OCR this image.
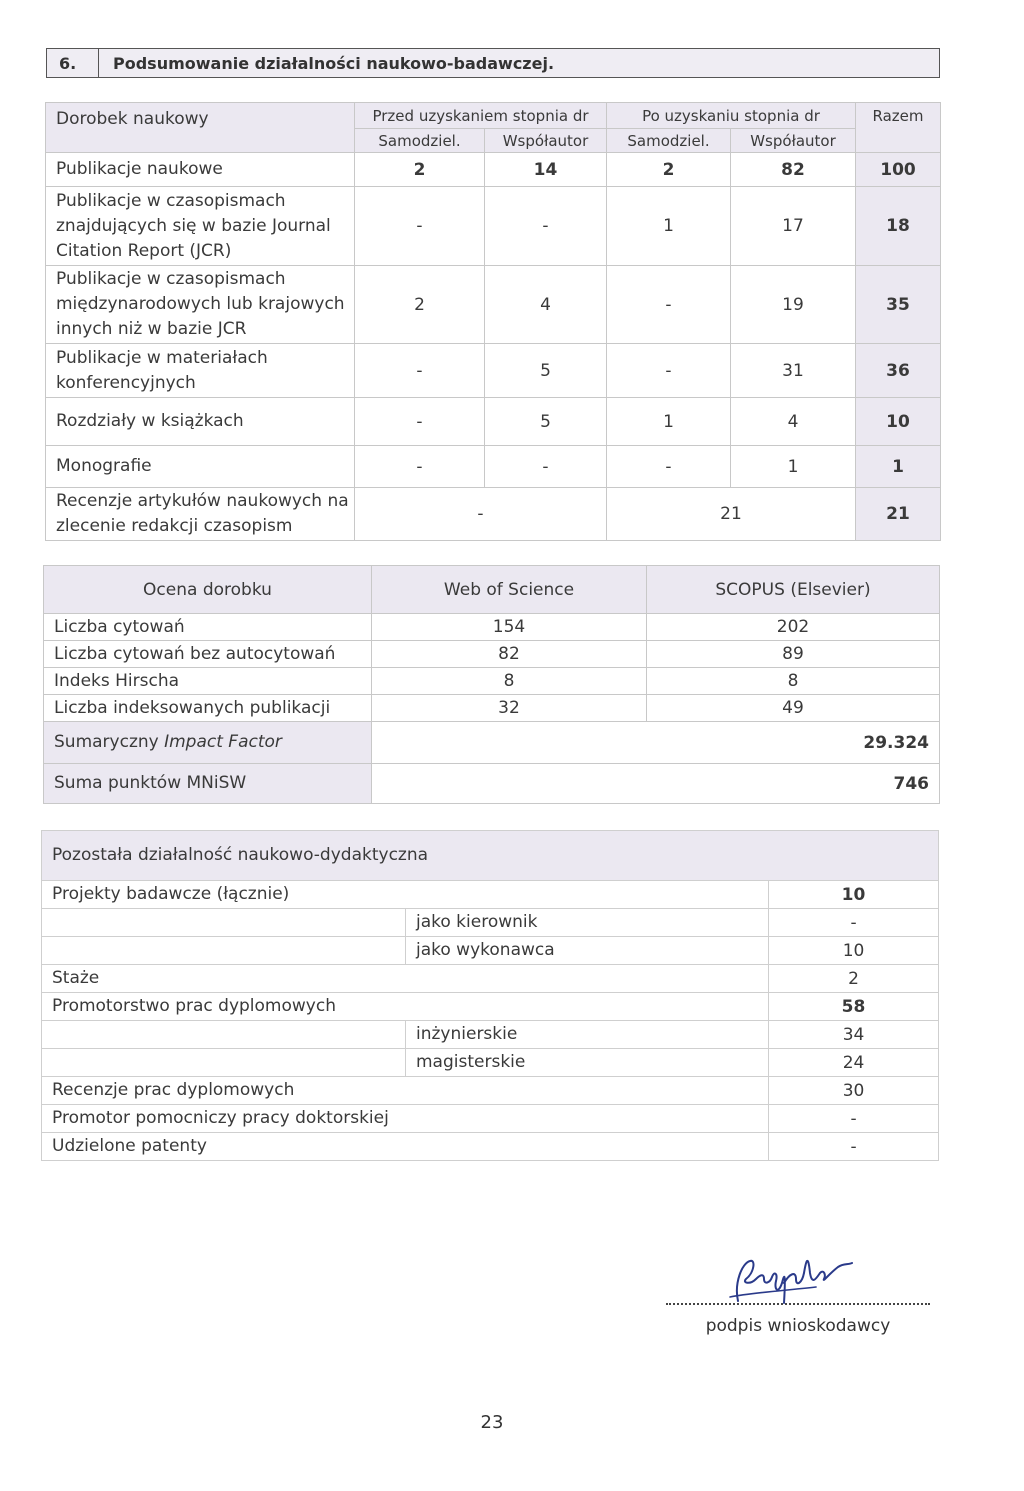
6.	Podsumowanie działalności naukowo-badawczej.
Dorobek naukowy	Przed uzyskaniem stopnia dr		Po uzyskaniu stopnia dr		Razem
	Samodziel.	Współautor	Samodziel.	Współautor	
Publikacje naukowe	2	14	2	82	100
Publikacje w czasopismach znajdujących się w bazie Journal Citation Report (JCR)	-	-	1	17	18
Publikacje w czasopismach międzynarodowych lub krajowych innych niż w bazie JCR	2	4	-	19	35
Publikacje w materiałach konferencyjnych	-	5	-	31	36
Rozdziały w książkach	-	5	1	4	10
Monografie	-	-	-	1	1
Recenzje artykułów naukowych na zlecenie redakcji czasopism	-		21		21
Ocena dorobku	Web of Science	SCOPUS (Elsevier)
Liczba cytowań	154	202
Liczba cytowań bez autocytowań	82	89
Indeks Hirscha	8	8
Liczba indeksowanych publikacji	32	49
Sumaryczny Impact Factor	29.324	
Suma punktów MNiSW	746	
Pozostała działalność naukowo-dydaktyczna		
Projekty badawcze (łącznie)		10
	jako kierownik	-
	jako wykonawca	10
Staże		2
Promotorstwo prac dyplomowych		58
	inżynierskie	34
	magisterskie	24
Recenzje prac dyplomowych		30
Promotor pomocniczy pracy doktorskiej		-
Udzielone patenty		-
podpis wnioskodawcy
23
